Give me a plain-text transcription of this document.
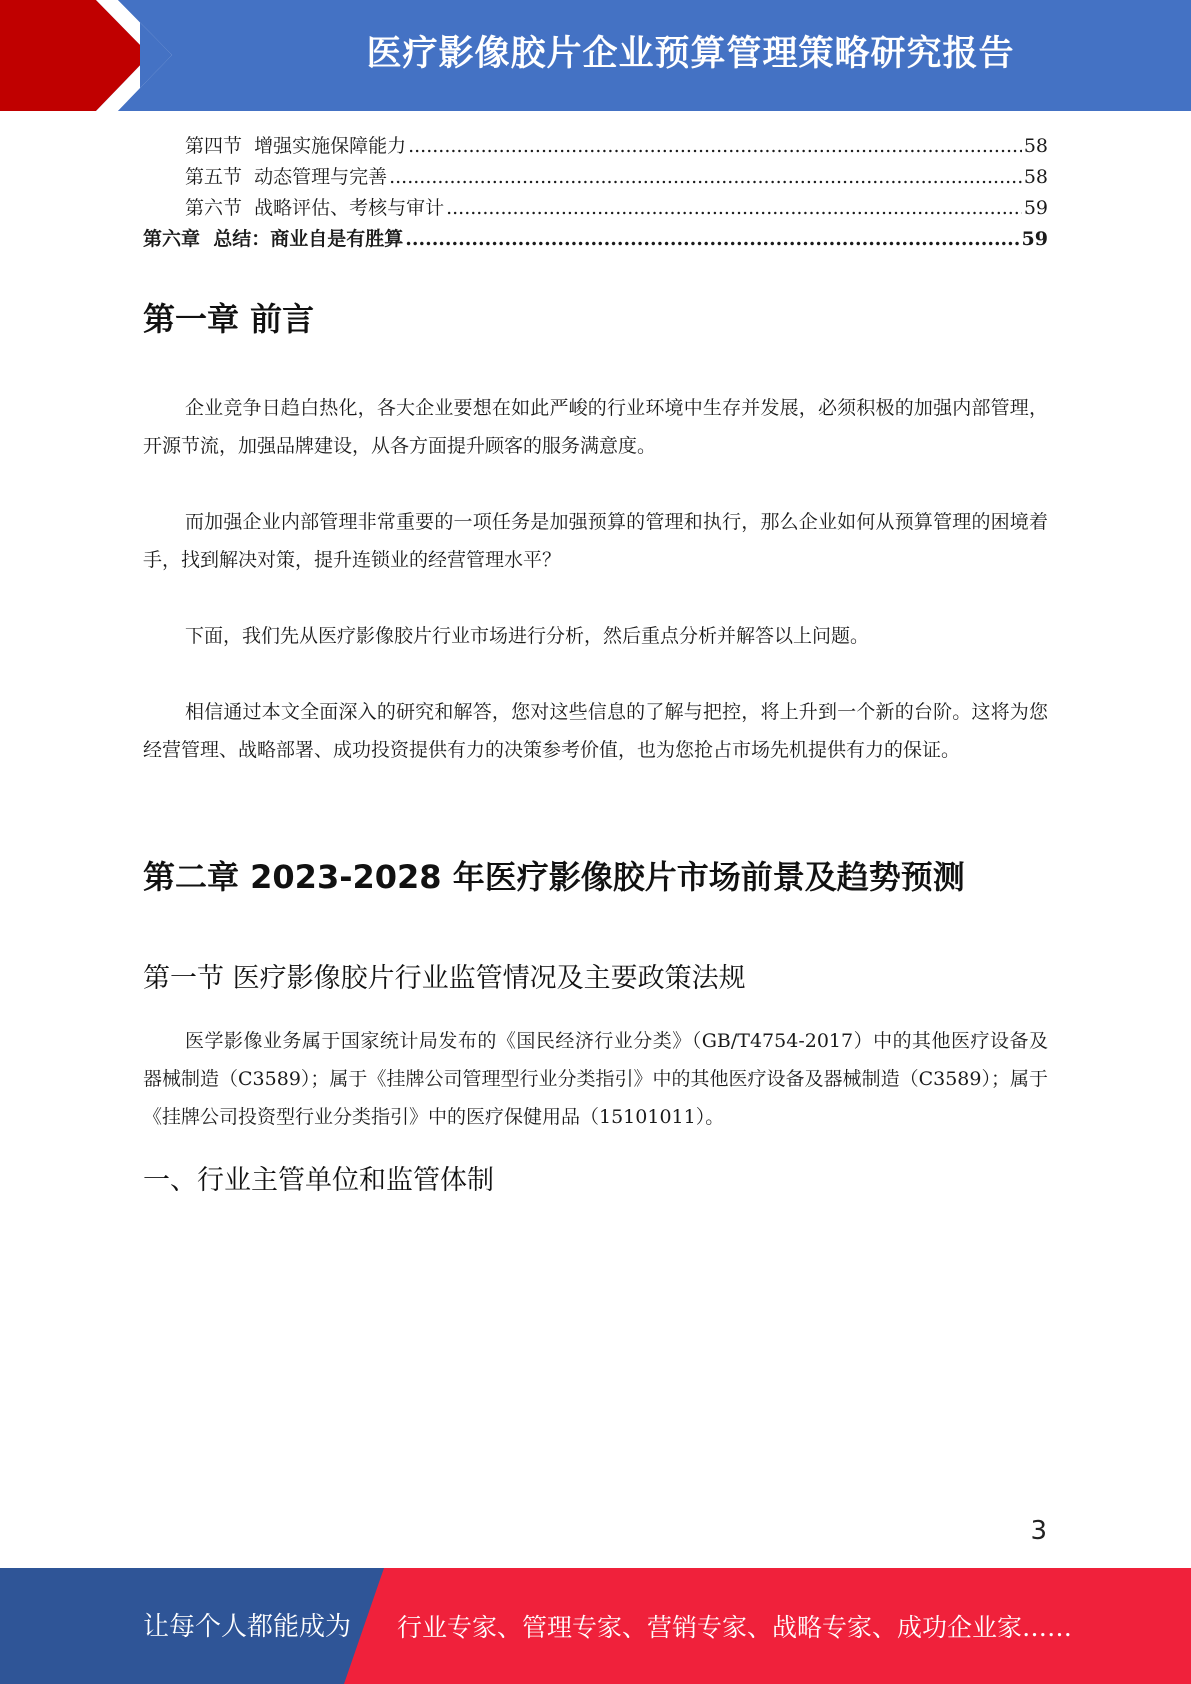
医疗影像胶片企业预算管理策略研究报告
第四节  增强实施保障能力 .....	58
第五节  动态管理与完善 .....	58
第六节  战略评估、考核与审计 .....	59
第六章  总结：商业自是有胜算 .....	59
第一章 前言
企业竞争日趋白热化，各大企业要想在如此严峻的行业环境中生存并发展，必须积极的加强内部管理，开源节流，加强品牌建设，从各方面提升顾客的服务满意度。
而加强企业内部管理非常重要的一项任务是加强预算的管理和执行，那么企业如何从预算管理的困境着手，找到解决对策，提升连锁业的经营管理水平？
下面，我们先从医疗影像胶片行业市场进行分析，然后重点分析并解答以上问题。
相信通过本文全面深入的研究和解答，您对这些信息的了解与把控，将上升到一个新的台阶。这将为您经营管理、战略部署、成功投资提供有力的决策参考价值，也为您抢占市场先机提供有力的保证。
第二章 2023-2028 年医疗影像胶片市场前景及趋势预测
第一节 医疗影像胶片行业监管情况及主要政策法规
医学影像业务属于国家统计局发布的《国民经济行业分类》（GB/T4754-2017）中的其他医疗设备及器械制造（C3589）；属于《挂牌公司管理型行业分类指引》中的其他医疗设备及器械制造（C3589）；属于《挂牌公司投资型行业分类指引》中的医疗保健用品（15101011）。
一、行业主管单位和监管体制
3
让每个人都能成为 行业专家、管理专家、营销专家、战略专家、成功企业家……
